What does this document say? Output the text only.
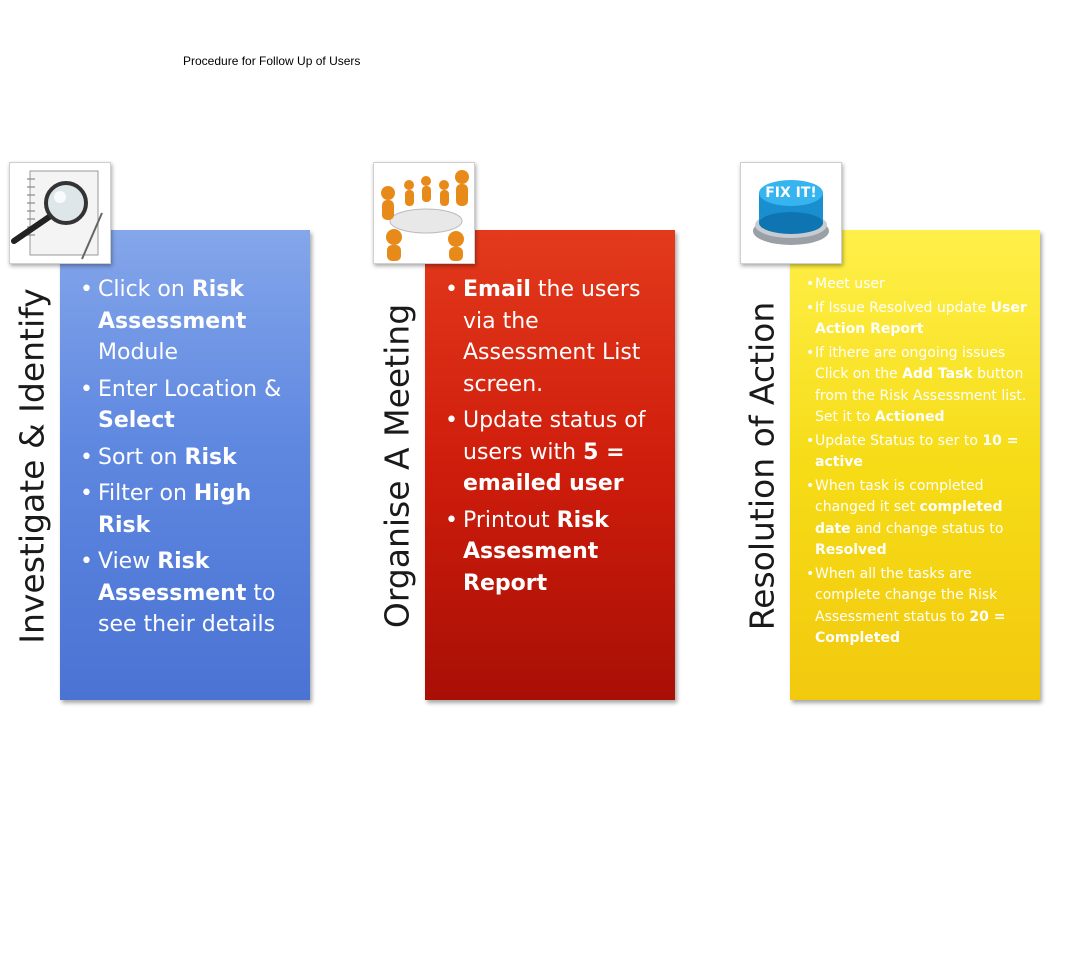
Procedure for Follow Up of Users
Investigate & Identify
•	Click on Risk Assessment Module
• Enter Location & Select
• Sort on Risk
• Filter on High Risk
• View Risk Assessment to see their details	Organise A Meeting
• Email the users via the Assessment List screen.
• Update status of users with 5 = emailed user
• Printout Risk Assesment Report	Resolution of Action
• Meet user
• If Issue Resolved update User Action Report
• If ithere are ongoing issues Click on the Add Task button from the Risk Assessment list. Set it to Actioned
• Update Status to ser to 10 = active
• When task is completed changed it set completed date and change status to Resolved
• When all the tasks are complete change the Risk Assessment status to 20 = Completed
FIX IT!
